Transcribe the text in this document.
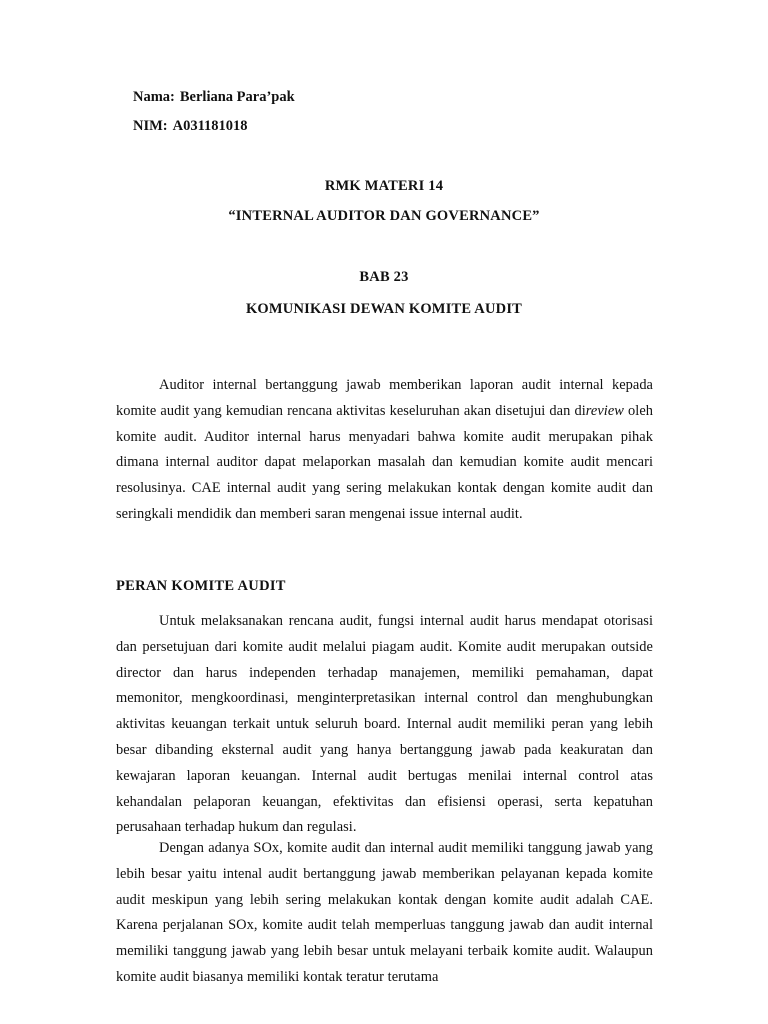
Nama: Berliana Para’pak
NIM: A031181018
RMK MATERI 14
“INTERNAL AUDITOR DAN GOVERNANCE”
BAB 23
KOMUNIKASI DEWAN KOMITE AUDIT

Auditor internal bertanggung jawab memberikan laporan audit internal kepada komite audit yang kemudian rencana aktivitas keseluruhan akan disetujui dan direview oleh komite audit. Auditor internal harus menyadari bahwa komite audit merupakan pihak dimana internal auditor dapat melaporkan masalah dan kemudian komite audit mencari resolusinya. CAE internal audit yang sering melakukan kontak dengan komite audit dan seringkali mendidik dan memberi saran mengenai issue internal audit.

PERAN KOMITE AUDIT

Untuk melaksanakan rencana audit, fungsi internal audit harus mendapat otorisasi dan persetujuan dari komite audit melalui piagam audit. Komite audit merupakan outside director dan harus independen terhadap manajemen, memiliki pemahaman, dapat memonitor, mengkoordinasi, menginterpretasikan internal control dan menghubungkan aktivitas keuangan terkait untuk seluruh board. Internal audit memiliki peran yang lebih besar dibanding eksternal audit yang hanya bertanggung jawab pada keakuratan dan kewajaran laporan keuangan. Internal audit bertugas menilai internal control atas kehandalan pelaporan keuangan, efektivitas dan efisiensi operasi, serta kepatuhan perusahaan terhadap hukum dan regulasi.

Dengan adanya SOx, komite audit dan internal audit memiliki tanggung jawab yang lebih besar yaitu intenal audit bertanggung jawab memberikan pelayanan kepada komite audit meskipun yang lebih sering melakukan kontak dengan komite audit adalah CAE. Karena perjalanan SOx, komite audit telah memperluas tanggung jawab dan audit internal memiliki tanggung jawab yang lebih besar untuk melayani terbaik komite audit. Walaupun komite audit biasanya memiliki kontak teratur terutama
